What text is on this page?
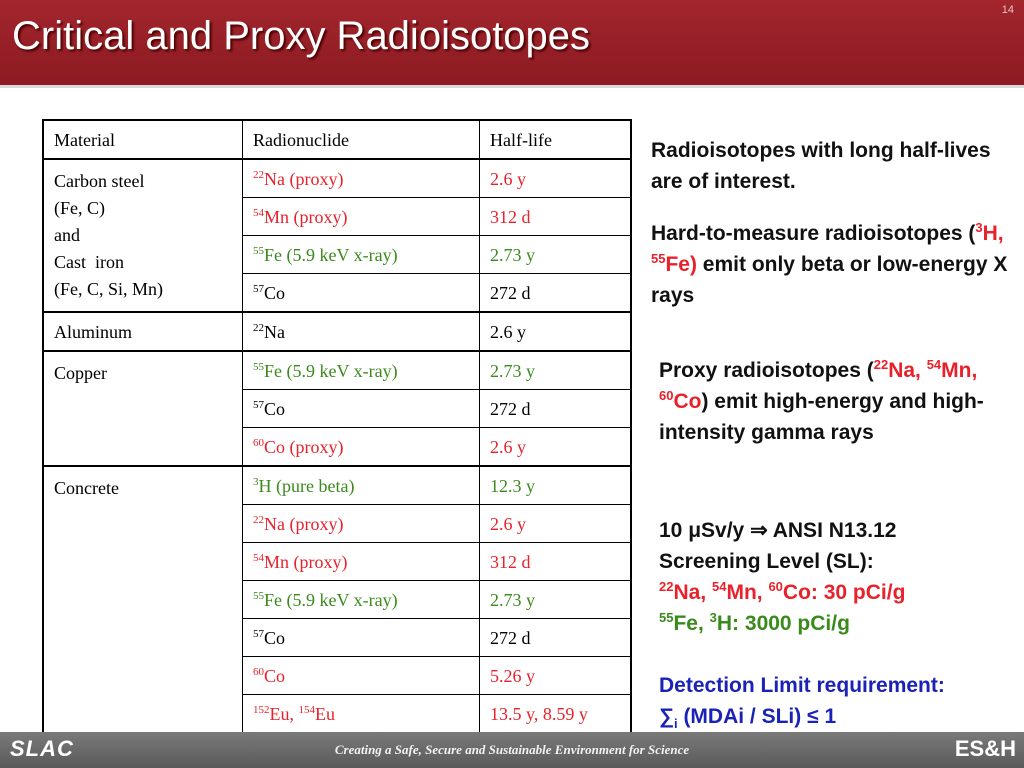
Critical and Proxy Radioisotopes
14
Material	Radionuclide	Half-life
Carbon steel
(Fe, C)
and
Cast  iron
(Fe, C, Si, Mn)	$^{22}$Na (proxy)	2.6 y
	$^{54}$Mn (proxy)	312 d
	$^{55}$Fe (5.9 keV x-ray)	2.73 y
	$^{57}$Co	272 d
Aluminum	$^{22}$Na	2.6 y
Copper	$^{55}$Fe (5.9 keV x-ray)	2.73 y
	$^{57}$Co	272 d
	$^{60}$Co (proxy)	2.6 y
Concrete	$^3$H (pure beta)	12.3 y
	$^{22}$Na (proxy)	2.6 y
	$^{54}$Mn (proxy)	312 d
	$^{55}$Fe (5.9 keV x-ray)	2.73 y
	$^{57}$Co	272 d
	$^{60}$Co	5.26 y
	$^{152}$Eu, $^{154}$Eu	13.5 y, 8.59 y
Radioisotopes with long half-lives are of interest.
Hard-to-measure radioisotopes ($^3$H, $^{55}$Fe) emit only beta or low-energy X rays
Proxy radioisotopes ($^{22}$Na, $^{54}$Mn, $^{60}$Co) emit high-energy and high-intensity gamma rays
10 μSv/y ⇒ ANSI N13.12
Screening Level (SL):
$^{22}$Na, $^{54}$Mn, $^{60}$Co: 30 pCi/g
$^{55}$Fe, $^3$H: 3000 pCi/g
Detection Limit requirement:
$\sum_i$ (MDAi / SLi) ≤ 1
SLAC	Creating a Safe, Secure and Sustainable Environment for Science	ES&H
